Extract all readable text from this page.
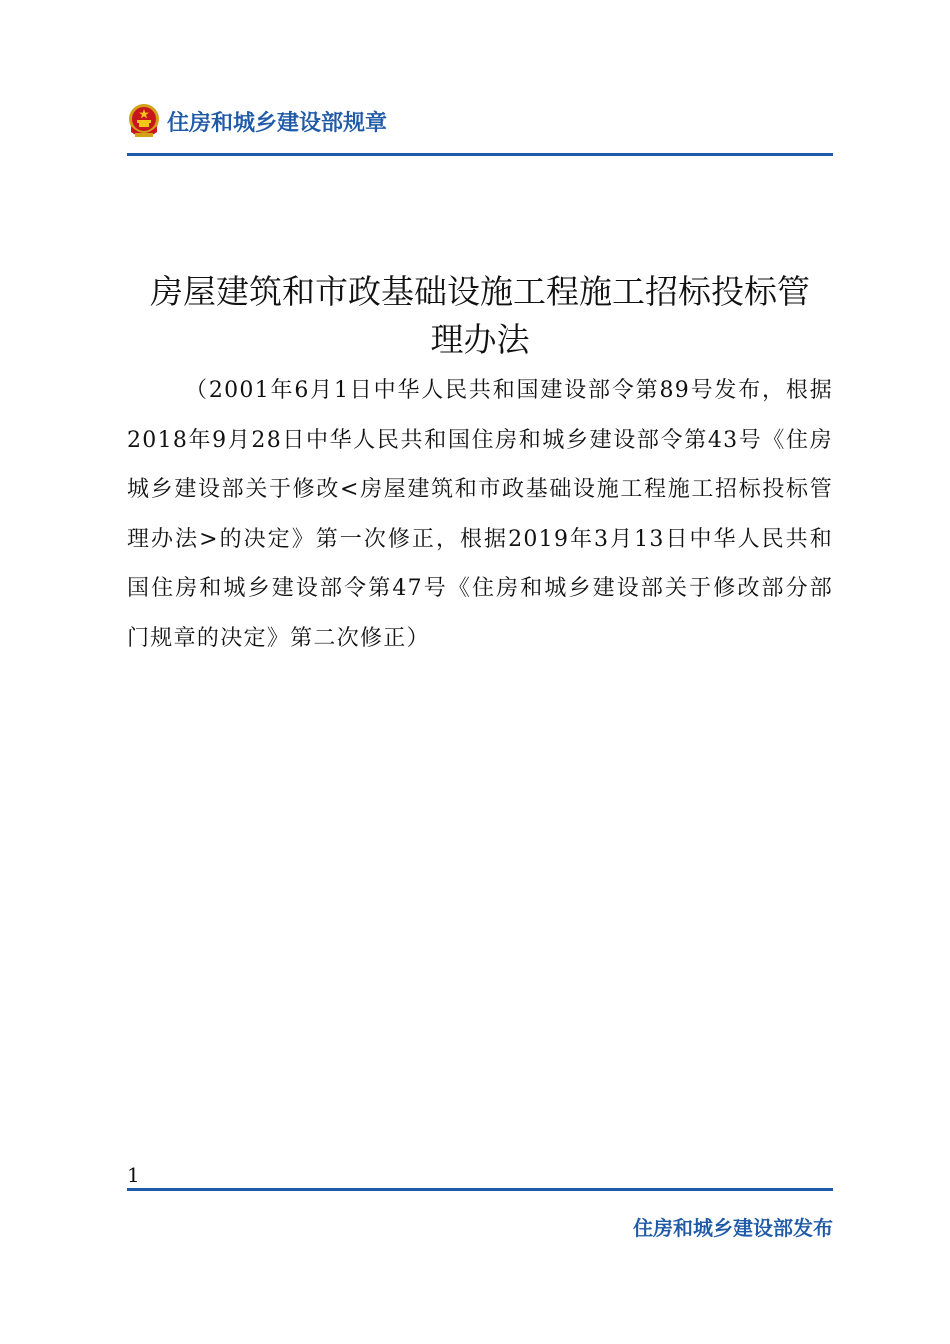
住房和城乡建设部规章
房屋建筑和市政基础设施工程施工招标投标管
理办法

（2001年6月1日中华人民共和国建设部令第89号发布，根据2018年9月28日中华人民共和国住房和城乡建设部令第43号《住房城乡建设部关于修改<房屋建筑和市政基础设施工程施工招标投标管理办法>的决定》第一次修正，根据2019年3月13日中华人民共和国住房和城乡建设部令第47号《住房和城乡建设部关于修改部分部门规章的决定》第二次修正）

1
住房和城乡建设部发布
